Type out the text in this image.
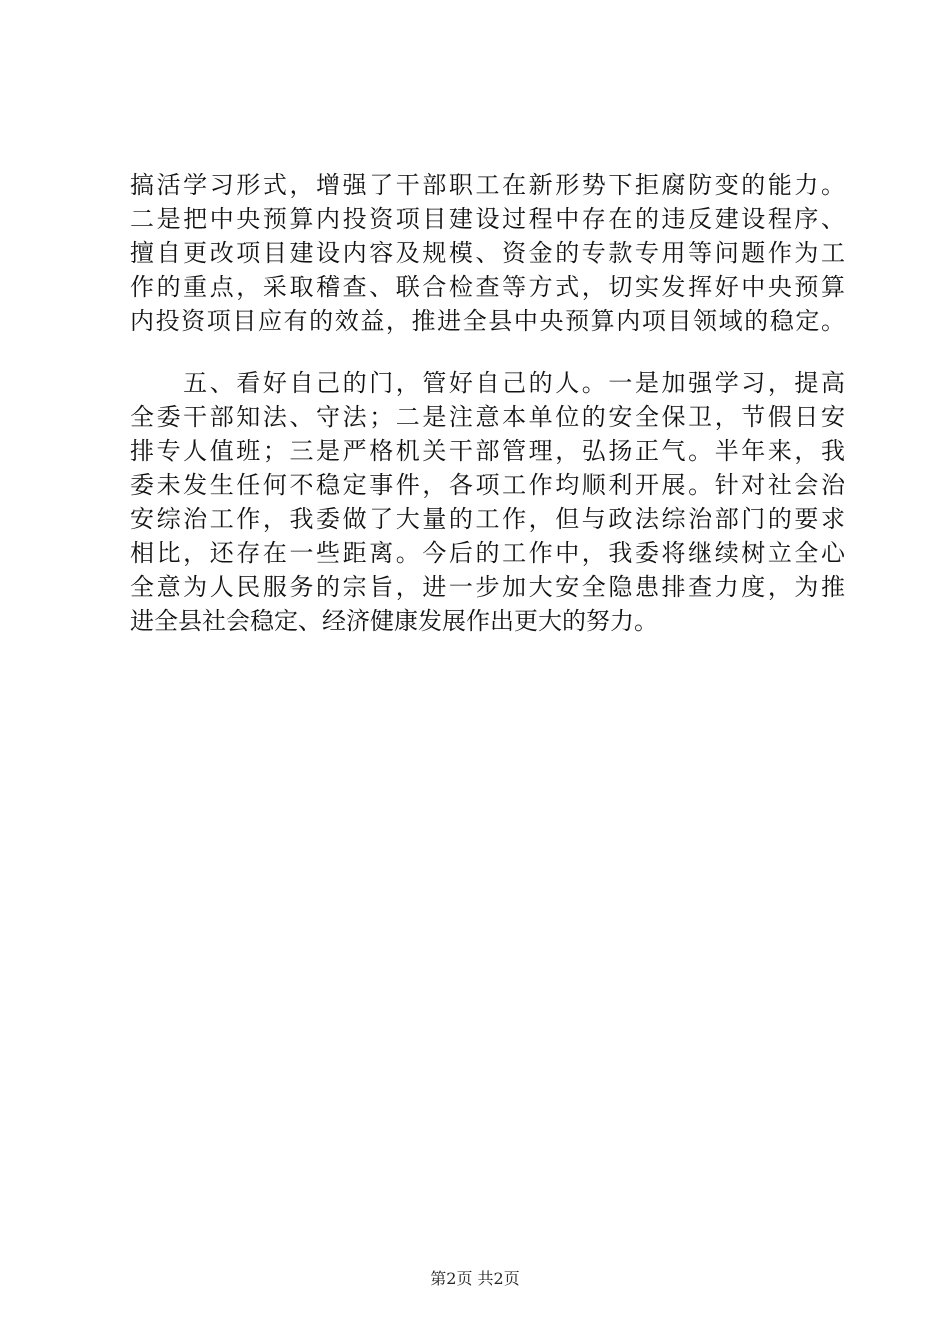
搞活学习形式，增强了干部职工在新形势下拒腐防变的能力。
二是把中央预算内投资项目建设过程中存在的违反建设程序、
擅自更改项目建设内容及规模、资金的专款专用等问题作为工
作的重点，采取稽查、联合检查等方式，切实发挥好中央预算
内投资项目应有的效益，推进全县中央预算内项目领域的稳定。
　　五、看好自己的门，管好自己的人。一是加强学习，提高
全委干部知法、守法；二是注意本单位的安全保卫，节假日安
排专人值班；三是严格机关干部管理，弘扬正气。半年来，我
委未发生任何不稳定事件，各项工作均顺利开展。针对社会治
安综治工作，我委做了大量的工作，但与政法综治部门的要求
相比，还存在一些距离。今后的工作中，我委将继续树立全心
全意为人民服务的宗旨，进一步加大安全隐患排查力度，为推
进全县社会稳定、经济健康发展作出更大的努力。
第2页 共2页
